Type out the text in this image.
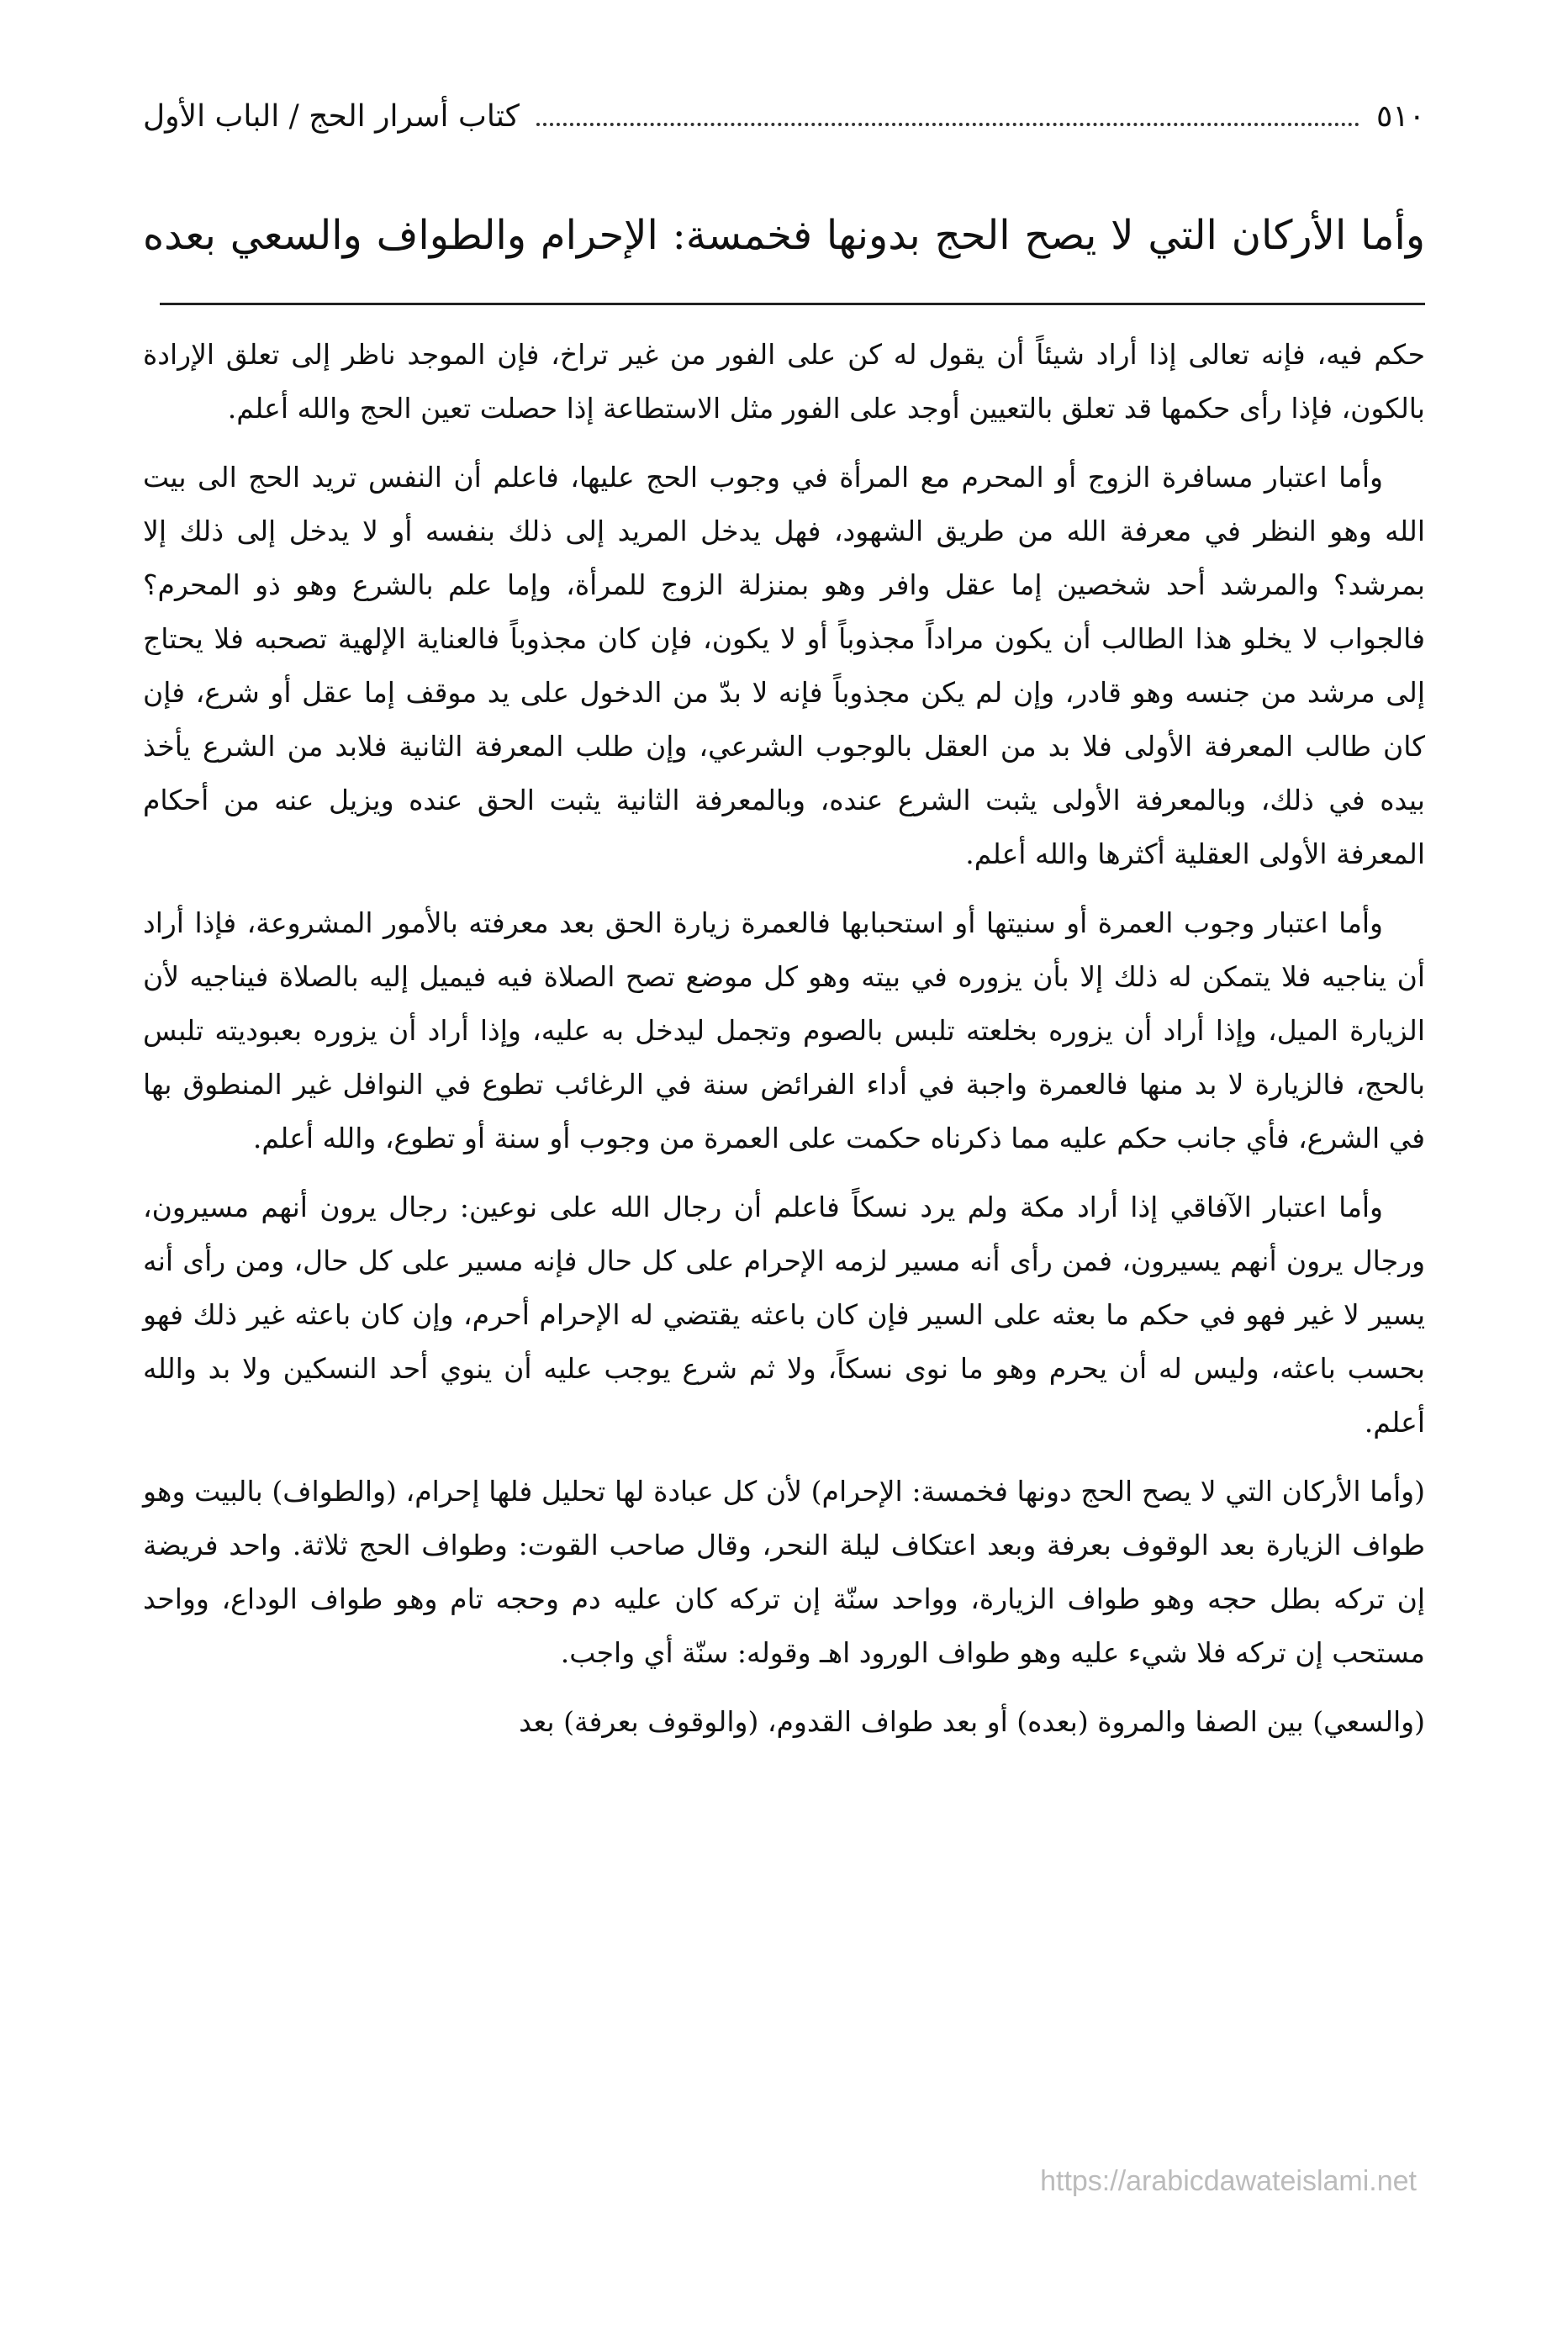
٥١٠
كتاب أسرار الحج / الباب الأول
وأما الأركان التي لا يصح الحج بدونها فخمسة: الإحرام والطواف والسعي بعده

حكم فيه، فإنه تعالى إذا أراد شيئاً أن يقول له كن على الفور من غير تراخ، فإن الموجد ناظر إلى تعلق الإرادة بالكون، فإذا رأى حكمها قد تعلق بالتعيين أوجد على الفور مثل الاستطاعة إذا حصلت تعين الحج والله أعلم.

وأما اعتبار مسافرة الزوج أو المحرم مع المرأة في وجوب الحج عليها، فاعلم أن النفس تريد الحج الى بيت الله وهو النظر في معرفة الله من طريق الشهود، فهل يدخل المريد إلى ذلك بنفسه أو لا يدخل إلى ذلك إلا بمرشد؟ والمرشد أحد شخصين إما عقل وافر وهو بمنزلة الزوج للمرأة، وإما علم بالشرع وهو ذو المحرم؟ فالجواب لا يخلو هذا الطالب أن يكون مراداً مجذوباً أو لا يكون، فإن كان مجذوباً فالعناية الإلهية تصحبه فلا يحتاج إلى مرشد من جنسه وهو قادر، وإن لم يكن مجذوباً فإنه لا بدّ من الدخول على يد موقف إما عقل أو شرع، فإن كان طالب المعرفة الأولى فلا بد من العقل بالوجوب الشرعي، وإن طلب المعرفة الثانية فلابد من الشرع يأخذ بيده في ذلك، وبالمعرفة الأولى يثبت الشرع عنده، وبالمعرفة الثانية يثبت الحق عنده ويزيل عنه من أحكام المعرفة الأولى العقلية أكثرها والله أعلم.

وأما اعتبار وجوب العمرة أو سنيتها أو استحبابها فالعمرة زيارة الحق بعد معرفته بالأمور المشروعة، فإذا أراد أن يناجيه فلا يتمكن له ذلك إلا بأن يزوره في بيته وهو كل موضع تصح الصلاة فيه فيميل إليه بالصلاة فيناجيه لأن الزيارة الميل، وإذا أراد أن يزوره بخلعته تلبس بالصوم وتجمل ليدخل به عليه، وإذا أراد أن يزوره بعبوديته تلبس بالحج، فالزيارة لا بد منها فالعمرة واجبة في أداء الفرائض سنة في الرغائب تطوع في النوافل غير المنطوق بها في الشرع، فأي جانب حكم عليه مما ذكرناه حكمت على العمرة من وجوب أو سنة أو تطوع، والله أعلم.

وأما اعتبار الآفاقي إذا أراد مكة ولم يرد نسكاً فاعلم أن رجال الله على نوعين: رجال يرون أنهم مسيرون، ورجال يرون أنهم يسيرون، فمن رأى أنه مسير لزمه الإحرام على كل حال فإنه مسير على كل حال، ومن رأى أنه يسير لا غير فهو في حكم ما بعثه على السير فإن كان باعثه يقتضي له الإحرام أحرم، وإن كان باعثه غير ذلك فهو بحسب باعثه، وليس له أن يحرم وهو ما نوى نسكاً، ولا ثم شرع يوجب عليه أن ينوي أحد النسكين ولا بد والله أعلم.

(وأما الأركان التي لا يصح الحج دونها فخمسة: الإحرام) لأن كل عبادة لها تحليل فلها إحرام، (والطواف) بالبيت وهو طواف الزيارة بعد الوقوف بعرفة وبعد اعتكاف ليلة النحر، وقال صاحب القوت: وطواف الحج ثلاثة. واحد فريضة إن تركه بطل حجه وهو طواف الزيارة، وواحد سنّة إن تركه كان عليه دم وحجه تام وهو طواف الوداع، وواحد مستحب إن تركه فلا شيء عليه وهو طواف الورود اهـ وقوله: سنّة أي واجب.

(والسعي) بين الصفا والمروة (بعده) أو بعد طواف القدوم، (والوقوف بعرفة) بعد

https://arabicdawateislami.net
